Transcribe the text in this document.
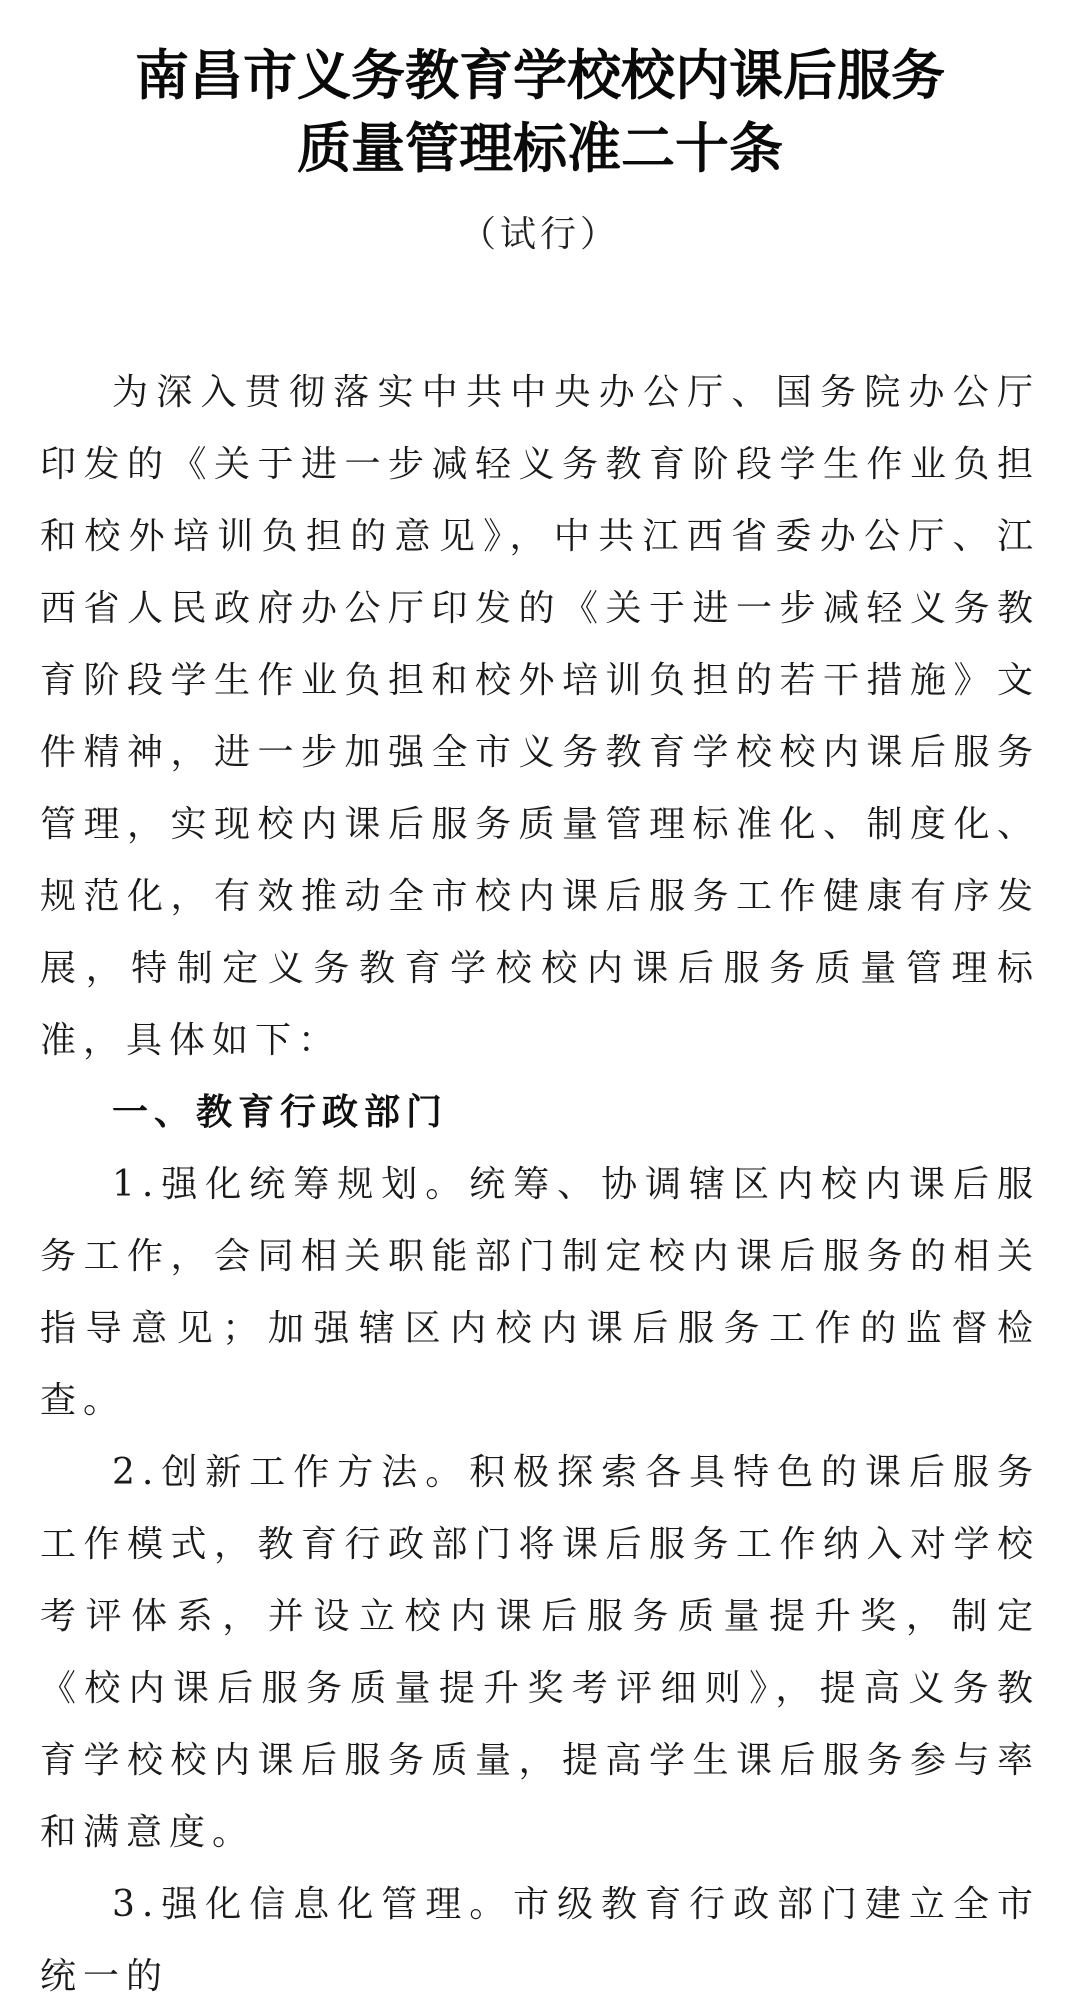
南昌市义务教育学校校内课后服务
质量管理标准二十条
（试行）

为深入贯彻落实中共中央办公厅、国务院办公厅印发的《关于进一步减轻义务教育阶段学生作业负担和校外培训负担的意见》，中共江西省委办公厅、江西省人民政府办公厅印发的《关于进一步减轻义务教育阶段学生作业负担和校外培训负担的若干措施》文件精神，进一步加强全市义务教育学校校内课后服务管理，实现校内课后服务质量管理标准化、制度化、规范化，有效推动全市校内课后服务工作健康有序发展，特制定义务教育学校校内课后服务质量管理标准，具体如下：

一、教育行政部门

1.强化统筹规划。统筹、协调辖区内校内课后服务工作，会同相关职能部门制定校内课后服务的相关指导意见；加强辖区内校内课后服务工作的监督检查。

2.创新工作方法。积极探索各具特色的课后服务工作模式，教育行政部门将课后服务工作纳入对学校考评体系，并设立校内课后服务质量提升奖，制定《校内课后服务质量提升奖考评细则》，提高义务教育学校校内课后服务质量，提高学生课后服务参与率和满意度。

3.强化信息化管理。市级教育行政部门建立全市统一的
